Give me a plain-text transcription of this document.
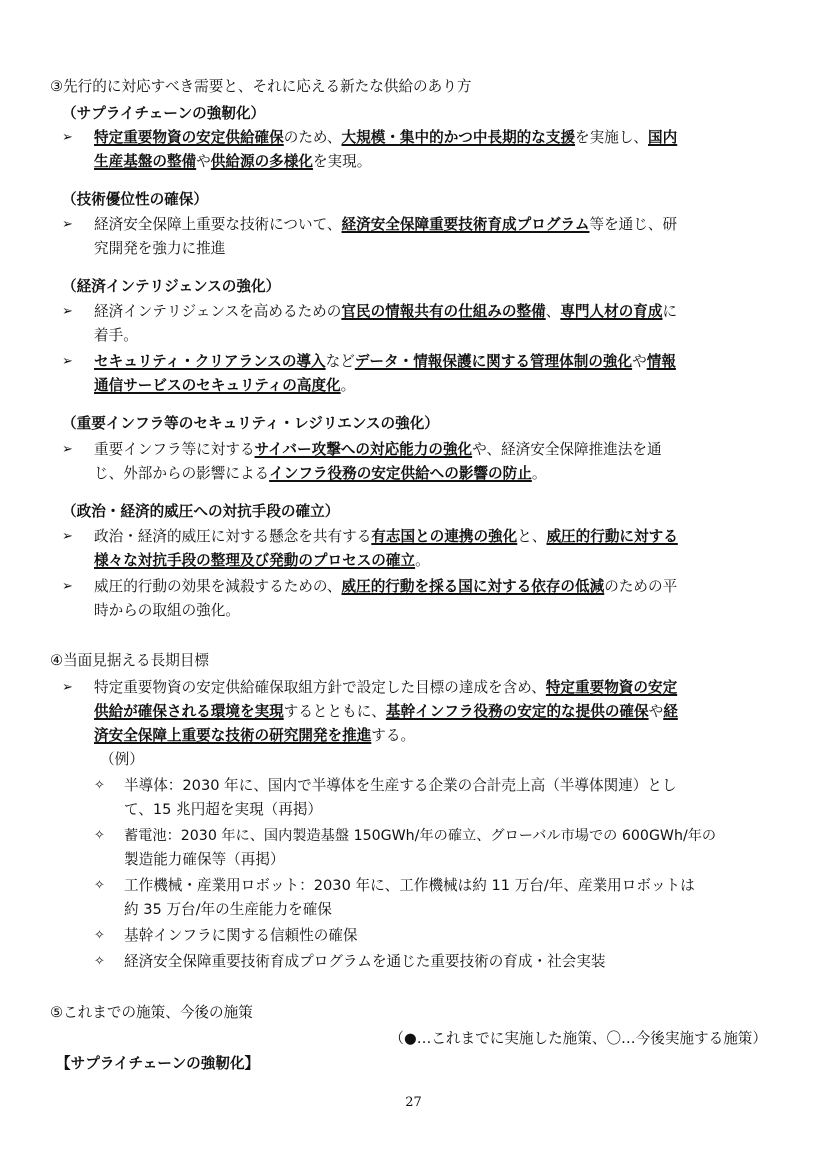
③先行的に対応すべき需要と、それに応える新たな供給のあり方
（サプライチェーンの強靭化）
➢ 特定重要物資の安定供給確保のため、大規模・集中的かつ中長期的な支援を実施し、国内
生産基盤の整備や供給源の多様化を実現。
（技術優位性の確保）
➢ 経済安全保障上重要な技術について、経済安全保障重要技術育成プログラム等を通じ、研
究開発を強力に推進
（経済インテリジェンスの強化）
➢ 経済インテリジェンスを高めるための官民の情報共有の仕組みの整備、専門人材の育成に
着手。
➢ セキュリティ・クリアランスの導入などデータ・情報保護に関する管理体制の強化や情報
通信サービスのセキュリティの高度化。
（重要インフラ等のセキュリティ・レジリエンスの強化）
➢ 重要インフラ等に対するサイバー攻撃への対応能力の強化や、経済安全保障推進法を通
じ、外部からの影響によるインフラ役務の安定供給への影響の防止。
（政治・経済的威圧への対抗手段の確立）
➢ 政治・経済的威圧に対する懸念を共有する有志国との連携の強化と、威圧的行動に対する
様々な対抗手段の整理及び発動のプロセスの確立。
➢ 威圧的行動の効果を減殺するための、威圧的行動を採る国に対する依存の低減のための平
時からの取組の強化。
④当面見据える長期目標
➢ 特定重要物資の安定供給確保取組方針で設定した目標の達成を含め、特定重要物資の安定
供給が確保される環境を実現するとともに、基幹インフラ役務の安定的な提供の確保や経
済安全保障上重要な技術の研究開発を推進する。
（例）
✧ 半導体：2030 年に、国内で半導体を生産する企業の合計売上高（半導体関連）とし
て、15 兆円超を実現（再掲）
✧ 蓄電池：2030 年に、国内製造基盤 150GWh/年の確立、グローバル市場での 600GWh/年の
製造能力確保等（再掲）
✧ 工作機械・産業用ロボット：2030 年に、工作機械は約 11 万台/年、産業用ロボットは
約 35 万台/年の生産能力を確保
✧ 基幹インフラに関する信頼性の確保
✧ 経済安全保障重要技術育成プログラムを通じた重要技術の育成・社会実装
⑤これまでの施策、今後の施策
（●…これまでに実施した施策、〇…今後実施する施策）
【サプライチェーンの強靭化】
27
